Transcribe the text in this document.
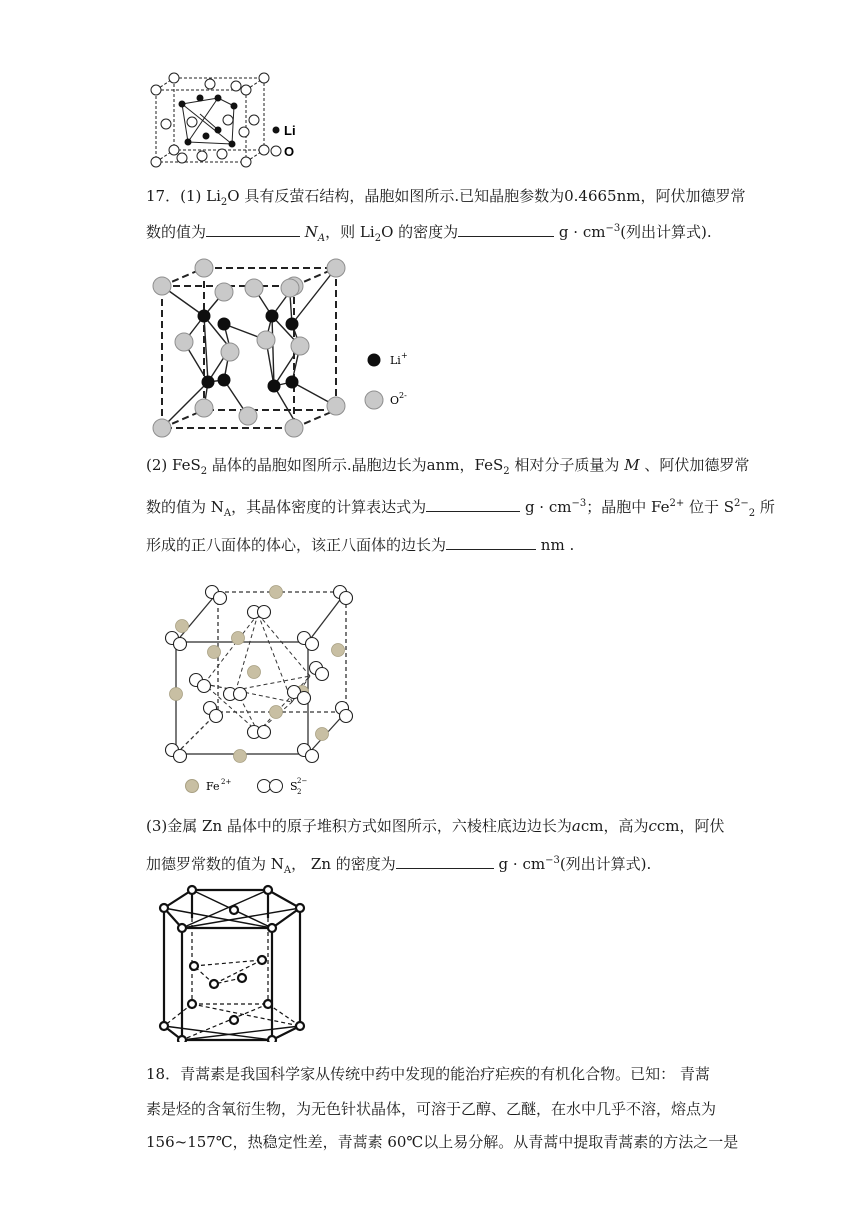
Li
O
17．(1) $Li_2O$ 具有反萤石结构，晶胞如图所示.已知晶胞参数为0.4665nm，阿伏加德罗常
数的值为	$N_A$，则 $Li_2O$ 的密度为	$g \cdot cm^{-3}$(列出计算式).
Li +
O 2-
(2) FeS$_2$ 晶体的晶胞如图所示.晶胞边长为anm，FeS$_2$ 相对分子质量为 M 、阿伏加德罗常
数的值为 $N_A$，其晶体密度的计算表达式为	$g \cdot cm^{-3}$；晶胞中 $Fe^{2+}$ 位于 $S^{2-}_2$ 所
形成的正八面体的体心，该正八面体的边长为	nm .
Fe 2+	S 2−
2
(3)金属 Zn 晶体中的原子堆积方式如图所示，六棱柱底边边长为acm，高为ccm，阿伏
加德罗常数的值为 $N_A$， Zn 的密度为	$g \cdot cm^{-3}$(列出计算式).
18．青蒿素是我国科学家从传统中药中发现的能治疗疟疾的有机化合物。已知： 青蒿
素是烃的含氧衍生物，为无色针状晶体，可溶于乙醇、乙醚，在水中几乎不溶，熔点为
156~157℃，热稳定性差，青蒿素 60℃以上易分解。从青蒿中提取青蒿素的方法之一是
